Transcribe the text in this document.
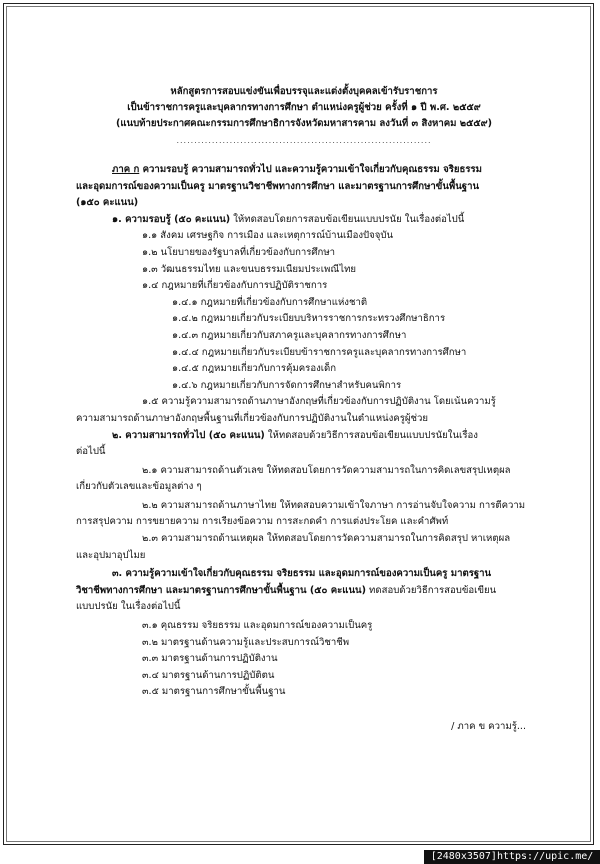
หลักสูตรการสอบแข่งขันเพื่อบรรจุและแต่งตั้งบุคคลเข้ารับราชการ
เป็นข้าราชการครูและบุคลากรทางการศึกษา ตำแหน่งครูผู้ช่วย ครั้งที่ ๑ ปี พ.ศ. ๒๕๕๙
(แนบท้ายประกาศคณะกรรมการศึกษาธิการจังหวัดมหาสารคาม ลงวันที่ ๓ สิงหาคม ๒๕๕๙)
........................................................................

ภาค ก ความรอบรู้ ความสามารถทั่วไป และความรู้ความเข้าใจเกี่ยวกับคุณธรรม จริยธรรม

และอุดมการณ์ของความเป็นครู มาตรฐานวิชาชีพทางการศึกษา และมาตรฐานการศึกษาขั้นพื้นฐาน

(๑๕๐ คะแนน)

๑. ความรอบรู้ (๕๐ คะแนน) ให้ทดสอบโดยการสอบข้อเขียนแบบปรนัย ในเรื่องต่อไปนี้

๑.๑ สังคม เศรษฐกิจ การเมือง และเหตุการณ์บ้านเมืองปัจจุบัน

๑.๒ นโยบายของรัฐบาลที่เกี่ยวข้องกับการศึกษา

๑.๓ วัฒนธรรมไทย และขนบธรรมเนียมประเพณีไทย

๑.๔ กฎหมายที่เกี่ยวข้องกับการปฏิบัติราชการ

๑.๔.๑ กฎหมายที่เกี่ยวข้องกับการศึกษาแห่งชาติ

๑.๔.๒ กฎหมายเกี่ยวกับระเบียบบริหารราชการกระทรวงศึกษาธิการ

๑.๔.๓ กฎหมายเกี่ยวกับสภาครูและบุคลากรทางการศึกษา

๑.๔.๔ กฎหมายเกี่ยวกับระเบียบข้าราชการครูและบุคลากรทางการศึกษา

๑.๔.๕ กฎหมายเกี่ยวกับการคุ้มครองเด็ก

๑.๔.๖ กฎหมายเกี่ยวกับการจัดการศึกษาสำหรับคนพิการ

๑.๕ ความรู้ความสามารถด้านภาษาอังกฤษที่เกี่ยวข้องกับการปฏิบัติงาน โดยเน้นความรู้

ความสามารถด้านภาษาอังกฤษพื้นฐานที่เกี่ยวข้องกับการปฏิบัติงานในตำแหน่งครูผู้ช่วย

๒. ความสามารถทั่วไป (๕๐ คะแนน) ให้ทดสอบด้วยวิธีการสอบข้อเขียนแบบปรนัยในเรื่อง

ต่อไปนี้

๒.๑ ความสามารถด้านตัวเลข ให้ทดสอบโดยการวัดความสามารถในการคิดเลขสรุปเหตุผล

เกี่ยวกับตัวเลขและข้อมูลต่าง ๆ

๒.๒ ความสามารถด้านภาษาไทย ให้ทดสอบความเข้าใจภาษา การอ่านจับใจความ การตีความ

การสรุปความ การขยายความ การเรียงข้อความ การสะกดคำ การแต่งประโยค และคำศัพท์

๒.๓ ความสามารถด้านเหตุผล ให้ทดสอบโดยการวัดความสามารถในการคิดสรุป หาเหตุผล

และอุปมาอุปไมย

๓. ความรู้ความเข้าใจเกี่ยวกับคุณธรรม จริยธรรม และอุดมการณ์ของความเป็นครู มาตรฐาน

วิชาชีพทางการศึกษา และมาตรฐานการศึกษาขั้นพื้นฐาน (๕๐ คะแนน) ทดสอบด้วยวิธีการสอบข้อเขียน

แบบปรนัย ในเรื่องต่อไปนี้

๓.๑ คุณธรรม จริยธรรม และอุดมการณ์ของความเป็นครู

๓.๒ มาตรฐานด้านความรู้และประสบการณ์วิชาชีพ

๓.๓ มาตรฐานด้านการปฏิบัติงาน

๓.๔ มาตรฐานด้านการปฏิบัติตน

๓.๕ มาตรฐานการศึกษาขั้นพื้นฐาน

/ ภาค ข ความรู้...

[2480x3507]https://upic.me/
